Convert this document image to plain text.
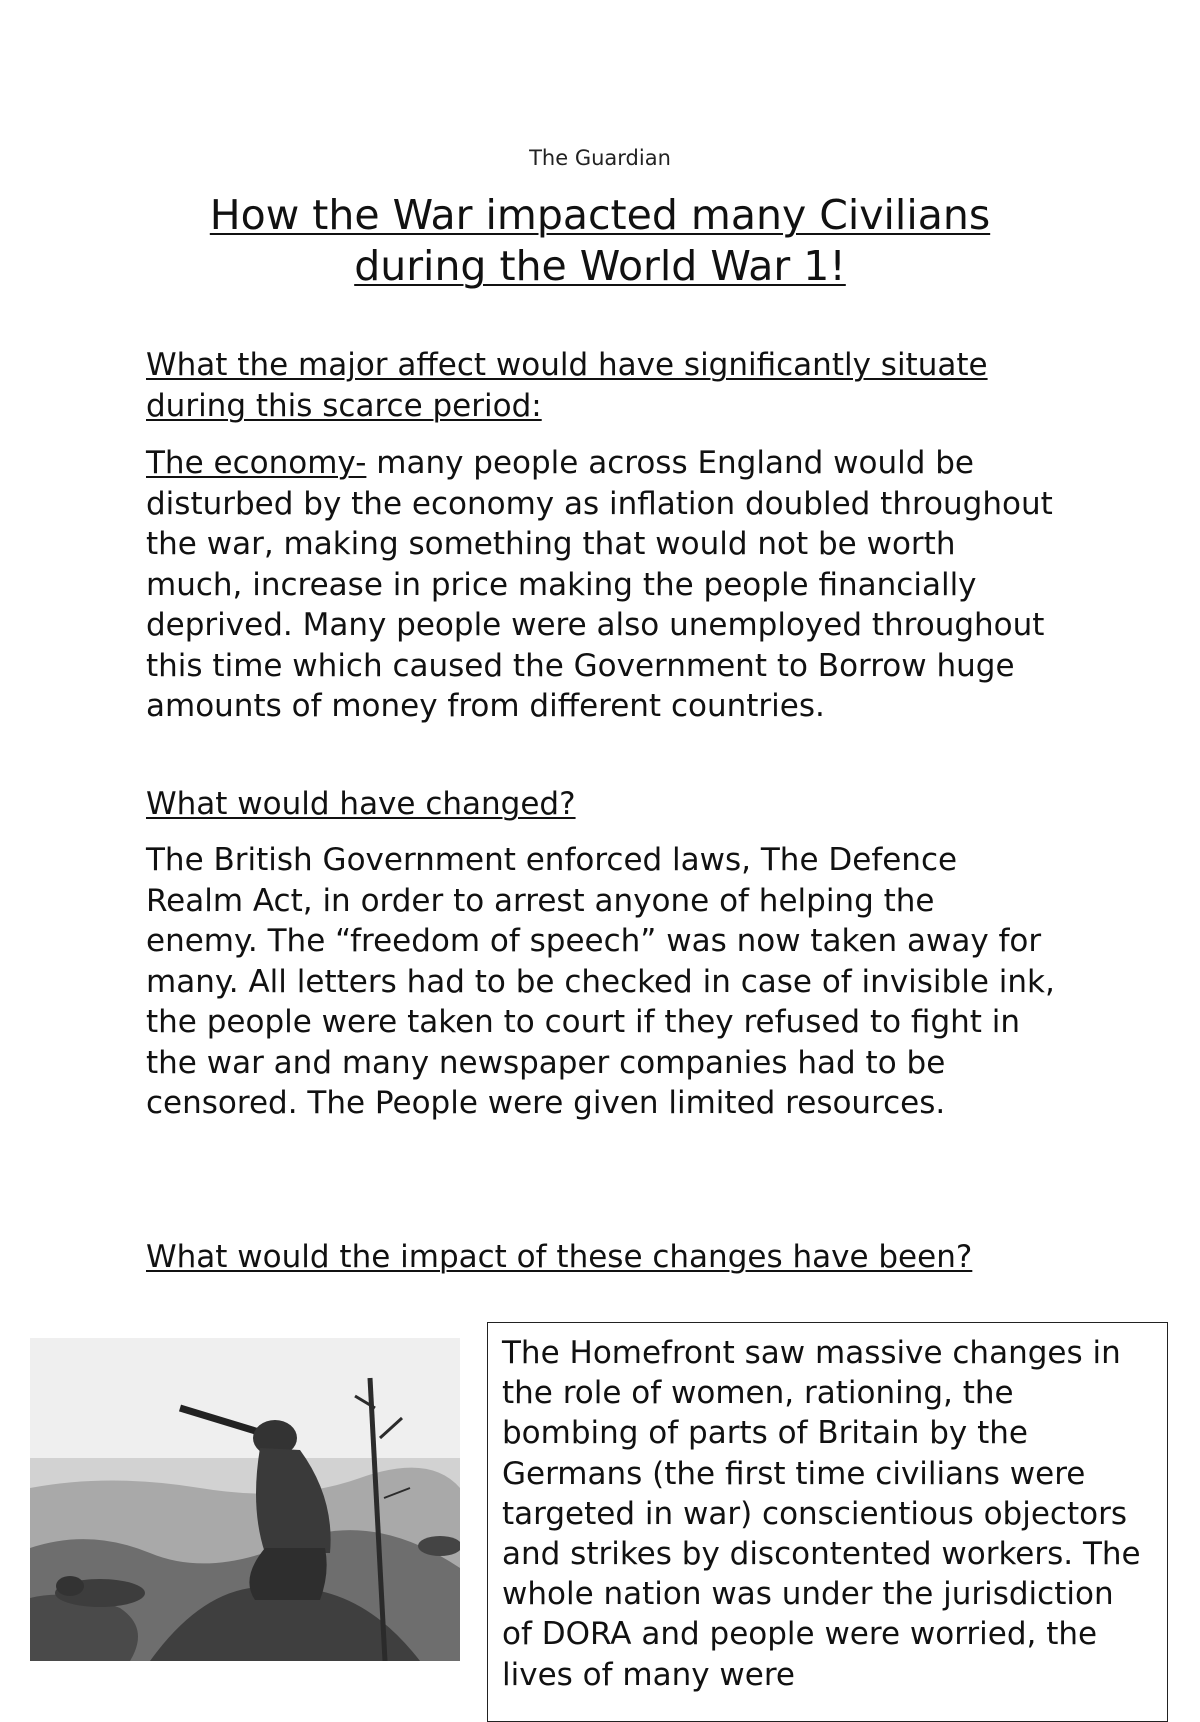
The Guardian
How the War impacted many Civilians during the World War 1!

What the major affect would have significantly situate during this scarce period:

The economy- many people across England would be disturbed by the economy as inflation doubled throughout the war, making something that would not be worth much, increase in price making the people financially deprived. Many people were also unemployed throughout this time which caused the Government to Borrow huge amounts of money from different countries.

What would have changed?

The British Government enforced laws, The Defence Realm Act, in order to arrest anyone of helping the enemy. The “freedom of speech” was now taken away for many. All letters had to be checked in case of invisible ink, the people were taken to court if they refused to fight in the war and many newspaper companies had to be censored. The People were given limited resources.

What would the impact of these changes have been?

The Homefront saw massive changes in the role of women, rationing, the bombing of parts of Britain by the Germans (the first time civilians were targeted in war) conscientious objectors and strikes by discontented workers. The whole nation was under the jurisdiction of DORA and people were worried, the lives of many were
